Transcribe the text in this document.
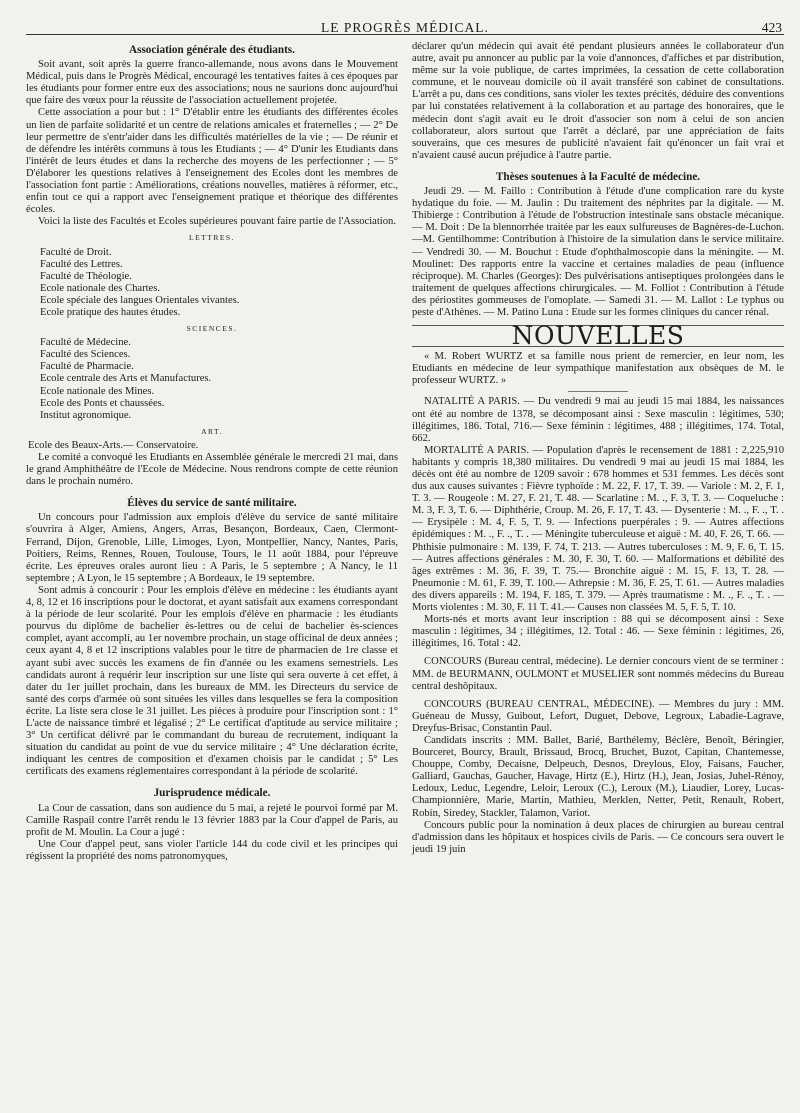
LE PROGRÈS MÉDICAL.	423
Association générale des étudiants.

Soit avant, soit après la guerre franco-allemande, nous avons dans le Mouvement Médical, puis dans le Progrès Médical, encouragé les tentatives faites à ces époques par les étudiants pour former entre eux des associations; nous ne saurions donc aujourd'hui que faire des vœux pour la réussite de l'association actuellement projetée.

Cette association a pour but : 1° D'établir entre les étudiants des différentes écoles un lien de parfaite solidarité et un centre de relations amicales et fraternelles ; — 2° De leur permettre de s'entr'aider dans les difficultés matérielles de la vie ; — De réunir et de défendre les intérêts communs à tous les Etudiants ; — 4° D'unir les Etudiants dans l'intérêt de leurs études et dans la recherche des moyens de les perfectionner ; — 5° D'élaborer les questions relatives à l'enseignement des Ecoles dont les membres de l'association font partie : Améliorations, créations nouvelles, matières à réformer, etc., enfin tout ce qui a rapport avec l'enseignement pratique et théorique des différentes écoles.

Voici la liste des Facultés et Ecoles supérieures pouvant faire partie de l'Association.

LETTRES.
Faculté de Droit.
Faculté des Lettres.
Faculté de Théologie.
Ecole nationale des Chartes.
Ecole spéciale des langues Orientales vivantes.
Ecole pratique des hautes études.
SCIENCES.
Faculté de Médecine.
Faculté des Sciences.
Faculté de Pharmacie.
Ecole centrale des Arts et Manufactures.
Ecole nationale des Mines.
Ecole des Ponts et chaussées.
Institut agronomique.
ART.
Ecole des Beaux-Arts.— Conservatoire.

Le comité a convoqué les Etudiants en Assemblée générale le mercredi 21 mai, dans le grand Amphithéâtre de l'Ecole de Médecine. Nous rendrons compte de cette réunion dans le prochain numéro.

Élèves du service de santé militaire.

Un concours pour l'admission aux emplois d'élève du service de santé militaire s'ouvrira à Alger, Amiens, Angers, Arras, Besançon, Bordeaux, Caen, Clermont-Ferrand, Dijon, Grenoble, Lille, Limoges, Lyon, Montpellier, Nancy, Nantes, Paris, Poitiers, Reims, Rennes, Rouen, Toulouse, Tours, le 11 août 1884, pour l'épreuve écrite. Les épreuves orales auront lieu : A Paris, le 5 septembre ; A Nancy, le 11 septembre ; A Lyon, le 15 septembre ; A Bordeaux, le 19 septembre.

Sont admis à concourir : Pour les emplois d'élève en médecine : les étudiants ayant 4, 8, 12 et 16 inscriptions pour le doctorat, et ayant satisfait aux examens correspondant à la période de leur scolarité. Pour les emplois d'élève en pharmacie : les étudiants pourvus du diplôme de bachelier ès-lettres ou de celui de bachelier ès-sciences complet, ayant accompli, au 1er novembre prochain, un stage officinal de deux années ; ceux ayant 4, 8 et 12 inscriptions valables pour le titre de pharmacien de 1re classe et ayant subi avec succès les examens de fin d'année ou les examens semestriels. Les candidats auront à requérir leur inscription sur une liste qui sera ouverte à cet effet, à dater du 1er juillet prochain, dans les bureaux de MM. les Directeurs du service de santé des corps d'armée où sont situées les villes dans lesquelles se fera la composition écrite. La liste sera close le 31 juillet. Les pièces à produire pour l'inscription sont : 1° L'acte de naissance timbré et légalisé ; 2° Le certificat d'aptitude au service militaire ; 3° Un certificat délivré par le commandant du bureau de recrutement, indiquant la situation du candidat au point de vue du service militaire ; 4° Une déclaration écrite, indiquant les centres de composition et d'examen choisis par le candidat ; 5° Les certificats des examens réglementaires correspondant à la période de scolarité.

Jurisprudence médicale.

La Cour de cassation, dans son audience du 5 mai, a rejeté le pourvoi formé par M. Camille Raspail contre l'arrêt rendu le 13 février 1883 par la Cour d'appel de Paris, au profit de M. Moulin. La Cour a jugé :

Une Cour d'appel peut, sans violer l'article 144 du code civil et les principes qui régissent la propriété des noms patronomyques,

déclarer qu'un médecin qui avait été pendant plusieurs années le collaborateur d'un autre, avait pu annoncer au public par la voie d'annonces, d'affiches et par distribution, même sur la voie publique, de cartes imprimées, la cessation de cette collaboration commune, et le nouveau domicile où il avait transféré son cabinet de consultations. L'arrêt a pu, dans ces conditions, sans violer les textes précités, déduire des conventions par lui constatées relativement à la collaboration et au partage des honoraires, que le médecin dont s'agit avait eu le droit d'associer son nom à celui de son ancien collaborateur, alors surtout que l'arrêt a déclaré, par une appréciation de faits souverains, que ces mesures de publicité n'avaient fait qu'énoncer un fait vrai et n'avaient causé aucun préjudice à l'autre partie.

Thèses soutenues à la Faculté de médecine.

Jeudi 29. — M. Faillo : Contribution à l'étude d'une complication rare du kyste hydatique du foie. — M. Jaulin : Du traitement des néphrites par la digitale. — M. Thibierge : Contribution à l'étude de l'obstruction intestinale sans obstacle mécanique. — M. Doit : De la blennorrhée traitée par les eaux sulfureuses de Bagnères-de-Luchon.—M. Gentilhomme: Contribution à l'histoire de la simulation dans le service militaire. — Vendredi 30. — M. Bouchut : Etude d'ophthalmoscopie dans la méningite. — M. Moulinet: Des rapports entre la vaccine et certaines maladies de peau (influence réciproque). M. Charles (Georges): Des pulvérisations antiseptiques prolongées dans le traitement de quelques affections chirurgicales. — M. Folliot : Contribution à l'étude des périostites gommeuses de l'omoplate. — Samedi 31. — M. Lallot : Le typhus ou peste d'Athènes. — M. Patino Luna : Etude sur les formes cliniques du cancer rénal.

NOUVELLES

« M. Robert WURTZ et sa famille nous prient de remercier, en leur nom, les Etudiants en médecine de leur sympathique manifestation aux obsèques de M. le professeur WURTZ. »

NATALITÉ A PARIS. — Du vendredi 9 mai au jeudi 15 mai 1884, les naissances ont été au nombre de 1378, se décomposant ainsi : Sexe masculin : légitimes, 530; illégitimes, 186. Total, 716.— Sexe féminin : légitimes, 488 ; illégitimes, 174. Total, 662.

MORTALITÉ A PARIS. — Population d'après le recensement de 1881 : 2,225,910 habitants y compris 18,380 militaires. Du vendredi 9 mai au jeudi 15 mai 1884, les décès ont été au nombre de 1209 savoir : 678 hommes et 531 femmes. Les décès sont dus aux causes suivantes : Fièvre typhoïde : M. 22, F. 17, T. 39. — Variole : M. 2, F. 1, T. 3. — Rougeole : M. 27, F. 21, T. 48. — Scarlatine : M. ., F. 3, T. 3. — Coqueluche : M. 3, F. 3, T. 6. — Diphthérie, Croup. M. 26, F. 17, T. 43. — Dysenterie : M. ., F. ., T. . — Erysipèle : M. 4, F. 5, T. 9. — Infections puerpérales : 9. — Autres affections épidémiques : M. ., F. ., T. . — Méningite tuberculeuse et aiguë : M. 40, F. 26, T. 66. — Phthisie pulmonaire : M. 139, F. 74, T. 213. — Autres tuberculoses : M. 9, F. 6, T. 15. — Autres affections générales : M. 30, F. 30, T. 60. — Malformations et débilité des âges extrêmes : M. 36, F. 39, T. 75.— Bronchite aiguë : M. 15, F. 13, T. 28. — Pneumonie : M. 61, F. 39, T. 100.— Athrepsie : M. 36, F. 25, T. 61. — Autres maladies des divers appareils : M. 194, F. 185, T. 379. — Après traumatisme : M. ., F. ., T. . — Morts violentes : M. 30, F. 11 T. 41.— Causes non classées M. 5, F. 5, T. 10.

Morts-nés et morts avant leur inscription : 88 qui se décomposent ainsi : Sexe masculin : légitimes, 34 ; illégitimes, 12. Total : 46. — Sexe féminin : légitimes, 26, illégitimes, 16. Total : 42.

CONCOURS (Bureau central, médecine). Le dernier concours vient de se terminer : MM. de BEURMANN, OULMONT et MUSELIER sont nommés médecins du Bureau central deshôpitaux.

CONCOURS (BUREAU CENTRAL, MÉDECINE). — Membres du jury : MM. Guéneau de Mussy, Guibout, Lefort, Duguet, Debove, Legroux, Labadie-Lagrave, Dreyfus-Brisac, Constantin Paul.

Candidats inscrits : MM. Ballet, Barié, Barthélemy, Béclère, Benoît, Béringier, Bourceret, Bourcy, Brault, Brissaud, Brocq, Bruchet, Buzot, Capitan, Chantemesse, Chouppe, Comby, Decaisne, Delpeuch, Desnos, Dreylous, Eloy, Faisans, Faucher, Galliard, Gauchas, Gaucher, Havage, Hirtz (E.), Hirtz (H.), Jean, Josias, Juhel-Rénoy, Ledoux, Leduc, Legendre, Leloir, Leroux (C.), Leroux (M.), Liaudier, Lorey, Lucas-Championnière, Marie, Martin, Mathieu, Merklen, Netter, Petit, Renault, Robert, Robin, Siredey, Stackler, Talamon, Variot.

Concours public pour la nomination à deux places de chirurgien au bureau central d'admission dans les hôpitaux et hospices civils de Paris. — Ce concours sera ouvert le jeudi 19 juin
